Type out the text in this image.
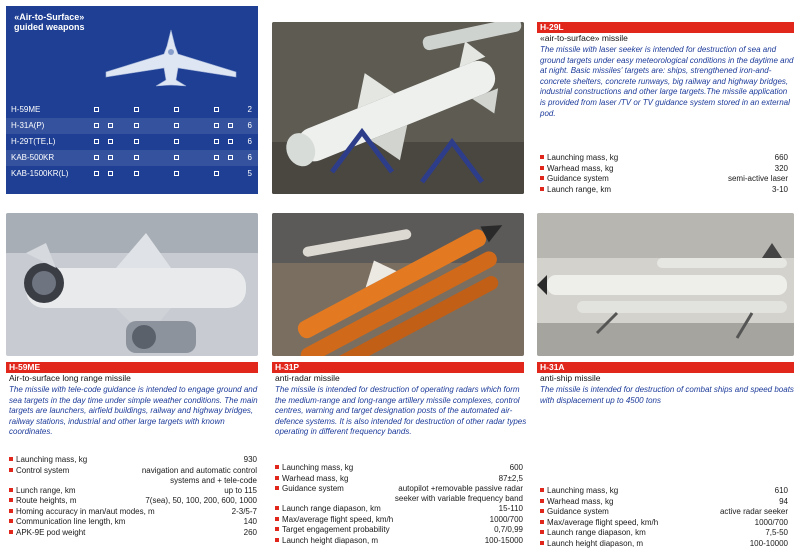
«Air-to-Surface»
guided weapons
H-59ME	2
H-31A(P)	6
H-29T(TE,L)	6
KAB-500KR	6
KAB-1500KR(L)	5
H-29L
«air-to-surface» missile
The missile with laser seeker is intended for destruction of sea and ground targets under easy meteorological conditions in the daytime and at night. Basic missiles' targets are: ships, strengthened iron-and-concrete shelters, concrete runways, big railway and highway bridges, industrial constructions and other large targets.The missile application is provided from laser /TV or TV guidance system stored in an external pod.
Launching mass, kg	660
Warhead mass, kg	320
Guidance system	semi-active laser
Launch range, km	3-10
H-59ME
Air-to-surface long range missile
The missile with tele-code guidance is intended to engage ground and sea targets in the day time under simple weather conditions. The main targets are launchers, airfield buildings, railway and highway bridges, railway stations, industrial and other large targets with known coordinates.
Launching mass, kg	930
Control system	navigation and automatic control systems and + tele-code
Lunch range, km	up to 115
Route heights, m	7(sea), 50, 100, 200, 600, 1000
Homing accuracy in man/aut modes, m	2-3/5-7
Communication line length, km	140
APK-9E pod weight	260
H-31P
anti-radar missile
The missile is intended for destruction of operating radars which form the medium-range and long-range artillery missile complexes, control centres, warning and target designation posts of the automated air-defence systems. It is also intended for destruction of other radar types operating in different frequency bands.
Launching mass, kg	600
Warhead mass, kg	87±2,5
Guidance system	autopilot +removable passive radar seeker with variable frequency band
Launch range diapason, km	15-110
Max/average flight speed, km/h	1000/700
Target engagement probability	0,7/0,99
Launch height diapason, m	100-15000
H-31A
anti-ship missile
The missile is intended for destruction of combat ships and speed boats with displacement up to 4500 tons
Launching mass, kg	610
Warhead mass, kg	94
Guidance system	active radar seeker
Max/average flight speed, km/h	1000/700
Launch range diapason, km	7,5-50
Launch height diapason, m	100-10000
